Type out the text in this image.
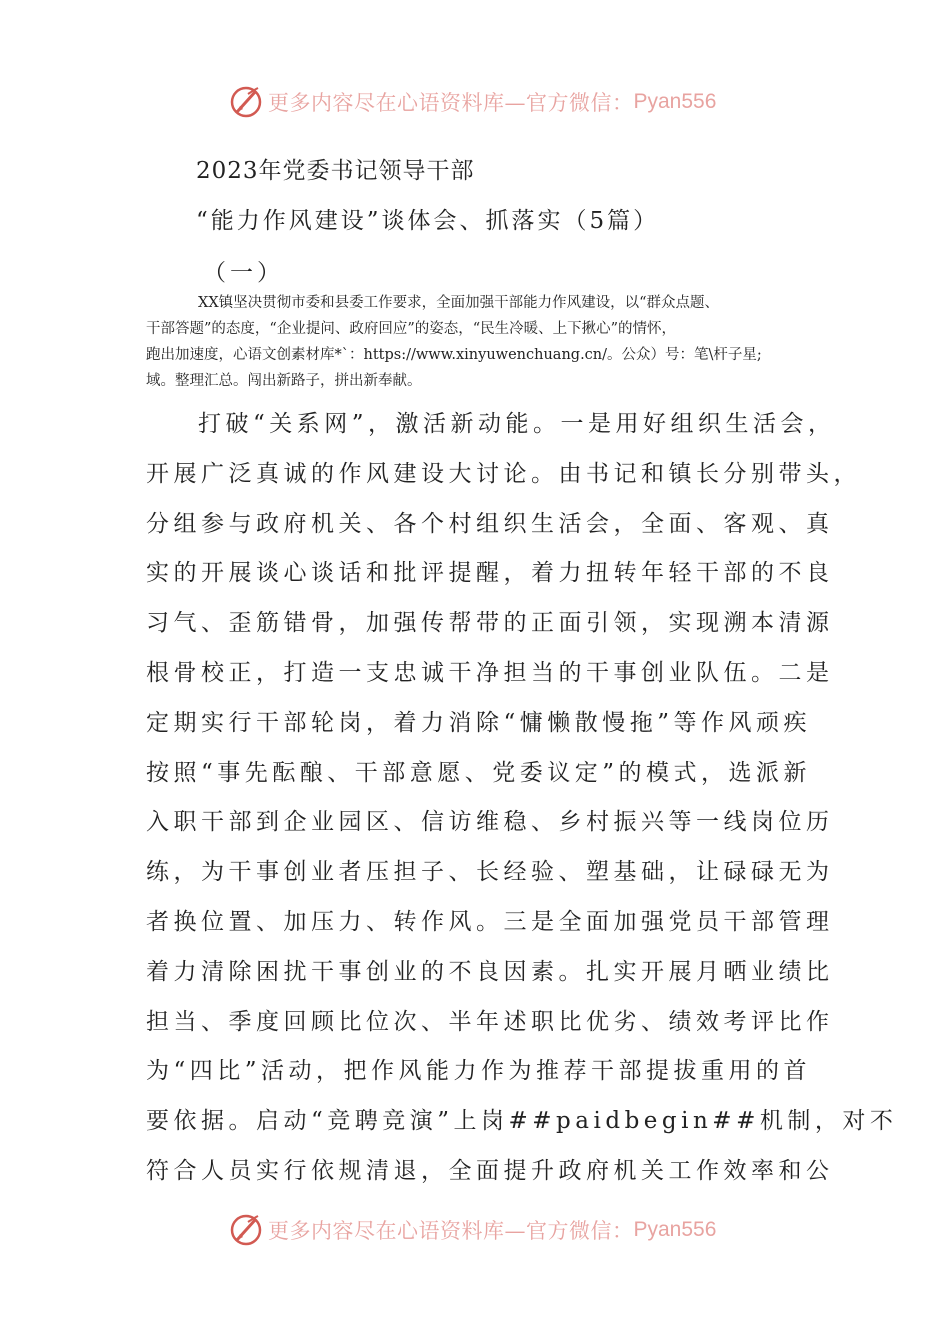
更多内容尽在心语资料库—官方微信： Pyan556
2023年党委书记领导干部
“能力作风建设”谈体会、抓落实（5篇）
（一）

XX镇坚决贯彻市委和县委工作要求，全面加强干部能力作风建设，以“群众点题、

干部答题”的态度，“企业提问、政府回应”的姿态，“民生冷暖、上下揪心”的情怀，

跑出加速度，心语文创素材库*`：https://www.xinyuwenchuang.cn/。公众）号：笔\杆子星;

域。整理汇总。闯出新路子，拼出新奉献。

打破“关系网”，激活新动能。一是用好组织生活会，
开展广泛真诚的作风建设大讨论。由书记和镇长分别带头，
分组参与政府机关、各个村组织生活会，全面、客观、真
实的开展谈心谈话和批评提醒，着力扭转年轻干部的不良
习气、歪筋错骨，加强传帮带的正面引领，实现溯本清源
根骨校正，打造一支忠诚干净担当的干事创业队伍。二是
定期实行干部轮岗，着力消除“慵懒散慢拖”等作风顽疾
按照“事先酝酿、干部意愿、党委议定”的模式，选派新
入职干部到企业园区、信访维稳、乡村振兴等一线岗位历
练，为干事创业者压担子、长经验、塑基础，让碌碌无为
者换位置、加压力、转作风。三是全面加强党员干部管理
着力清除困扰干事创业的不良因素。扎实开展月晒业绩比
担当、季度回顾比位次、半年述职比优劣、绩效考评比作
为“四比”活动，把作风能力作为推荐干部提拔重用的首
要依据。启动“竞聘竞演”上岗##paidbegin##机制，对不
符合人员实行依规清退，全面提升政府机关工作效率和公
更多内容尽在心语资料库—官方微信： Pyan556
